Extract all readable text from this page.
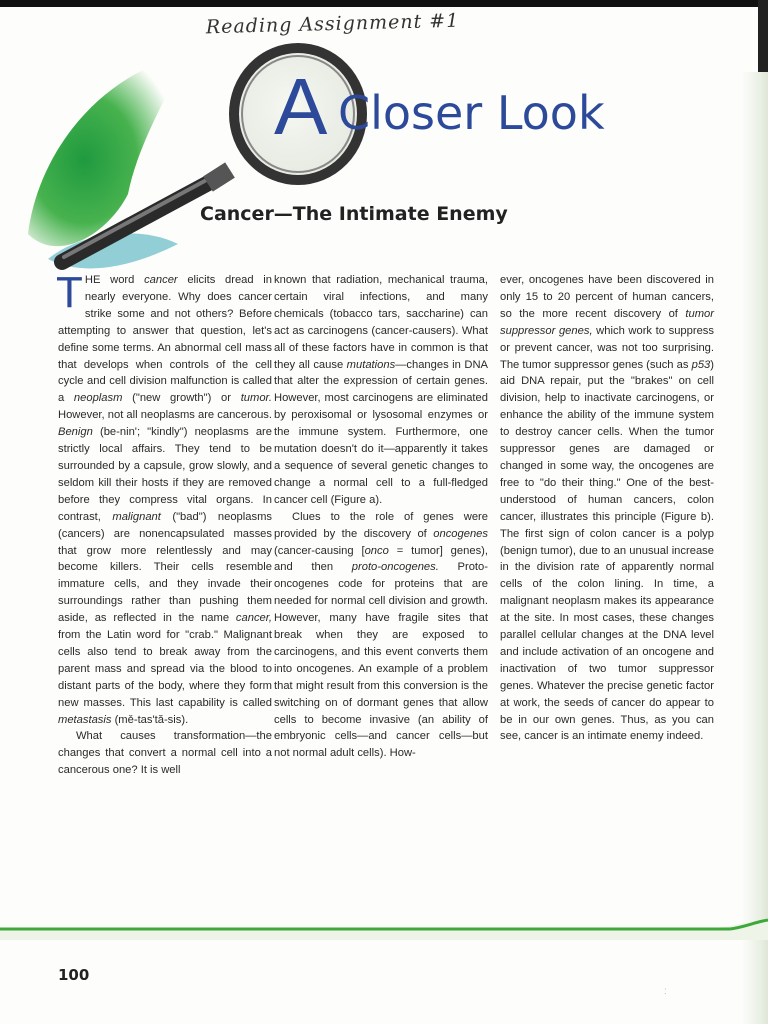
Reading Assignment #1
A Closer Look
Cancer—The Intimate Enemy

THE word cancer elicits dread in nearly everyone. Why does cancer strike some and not others? Before attempting to answer that question, let's define some terms. An abnormal cell mass that develops when controls of the cell cycle and cell division malfunction is called a neoplasm ("new growth") or tumor. However, not all neoplasms are cancerous. Benign (be-nin'; "kindly") neoplasms are strictly local affairs. They tend to be surrounded by a capsule, grow slowly, and seldom kill their hosts if they are removed before they compress vital organs. In contrast, malignant ("bad") neoplasms (cancers) are nonencapsulated masses that grow more relentlessly and may become killers. Their cells resemble immature cells, and they invade their surroundings rather than pushing them aside, as reflected in the name cancer, from the Latin word for "crab." Malignant cells also tend to break away from the parent mass and spread via the blood to distant parts of the body, where they form new masses. This last capability is called metastasis (mě-tas'tă-sis).

What causes transformation—the changes that convert a normal cell into a cancerous one? It is well

known that radiation, mechanical trauma, certain viral infections, and many chemicals (tobacco tars, saccharine) can act as carcinogens (cancer-causers). What all of these factors have in common is that they all cause mutations—changes in DNA that alter the expression of certain genes. However, most carcinogens are eliminated by peroxisomal or lysosomal enzymes or the immune system. Furthermore, one mutation doesn't do it—apparently it takes a sequence of several genetic changes to change a normal cell to a full-fledged cancer cell (Figure a).

Clues to the role of genes were provided by the discovery of oncogenes (cancer-causing [onco = tumor] genes), and then proto-oncogenes. Proto-oncogenes code for proteins that are needed for normal cell division and growth. However, many have fragile sites that break when they are exposed to carcinogens, and this event converts them into oncogenes. An example of a problem that might result from this conversion is the switching on of dormant genes that allow cells to become invasive (an ability of embryonic cells—and cancer cells—but not normal adult cells). How-

ever, oncogenes have been discovered in only 15 to 20 percent of human cancers, so the more recent discovery of tumor suppressor genes, which work to suppress or prevent cancer, was not too surprising. The tumor suppressor genes (such as p53) aid DNA repair, put the "brakes" on cell division, help to inactivate carcinogens, or enhance the ability of the immune system to destroy cancer cells. When the tumor suppressor genes are damaged or changed in some way, the oncogenes are free to "do their thing." One of the best-understood of human cancers, colon cancer, illustrates this principle (Figure b). The first sign of colon cancer is a polyp (benign tumor), due to an unusual increase in the division rate of apparently normal cells of the colon lining. In time, a malignant neoplasm makes its appearance at the site. In most cases, these changes parallel cellular changes at the DNA level and include activation of an oncogene and inactivation of two tumor suppressor genes. Whatever the precise genetic factor at work, the seeds of cancer do appear to be in our own genes. Thus, as you can see, cancer is an intimate enemy indeed.

100
:
